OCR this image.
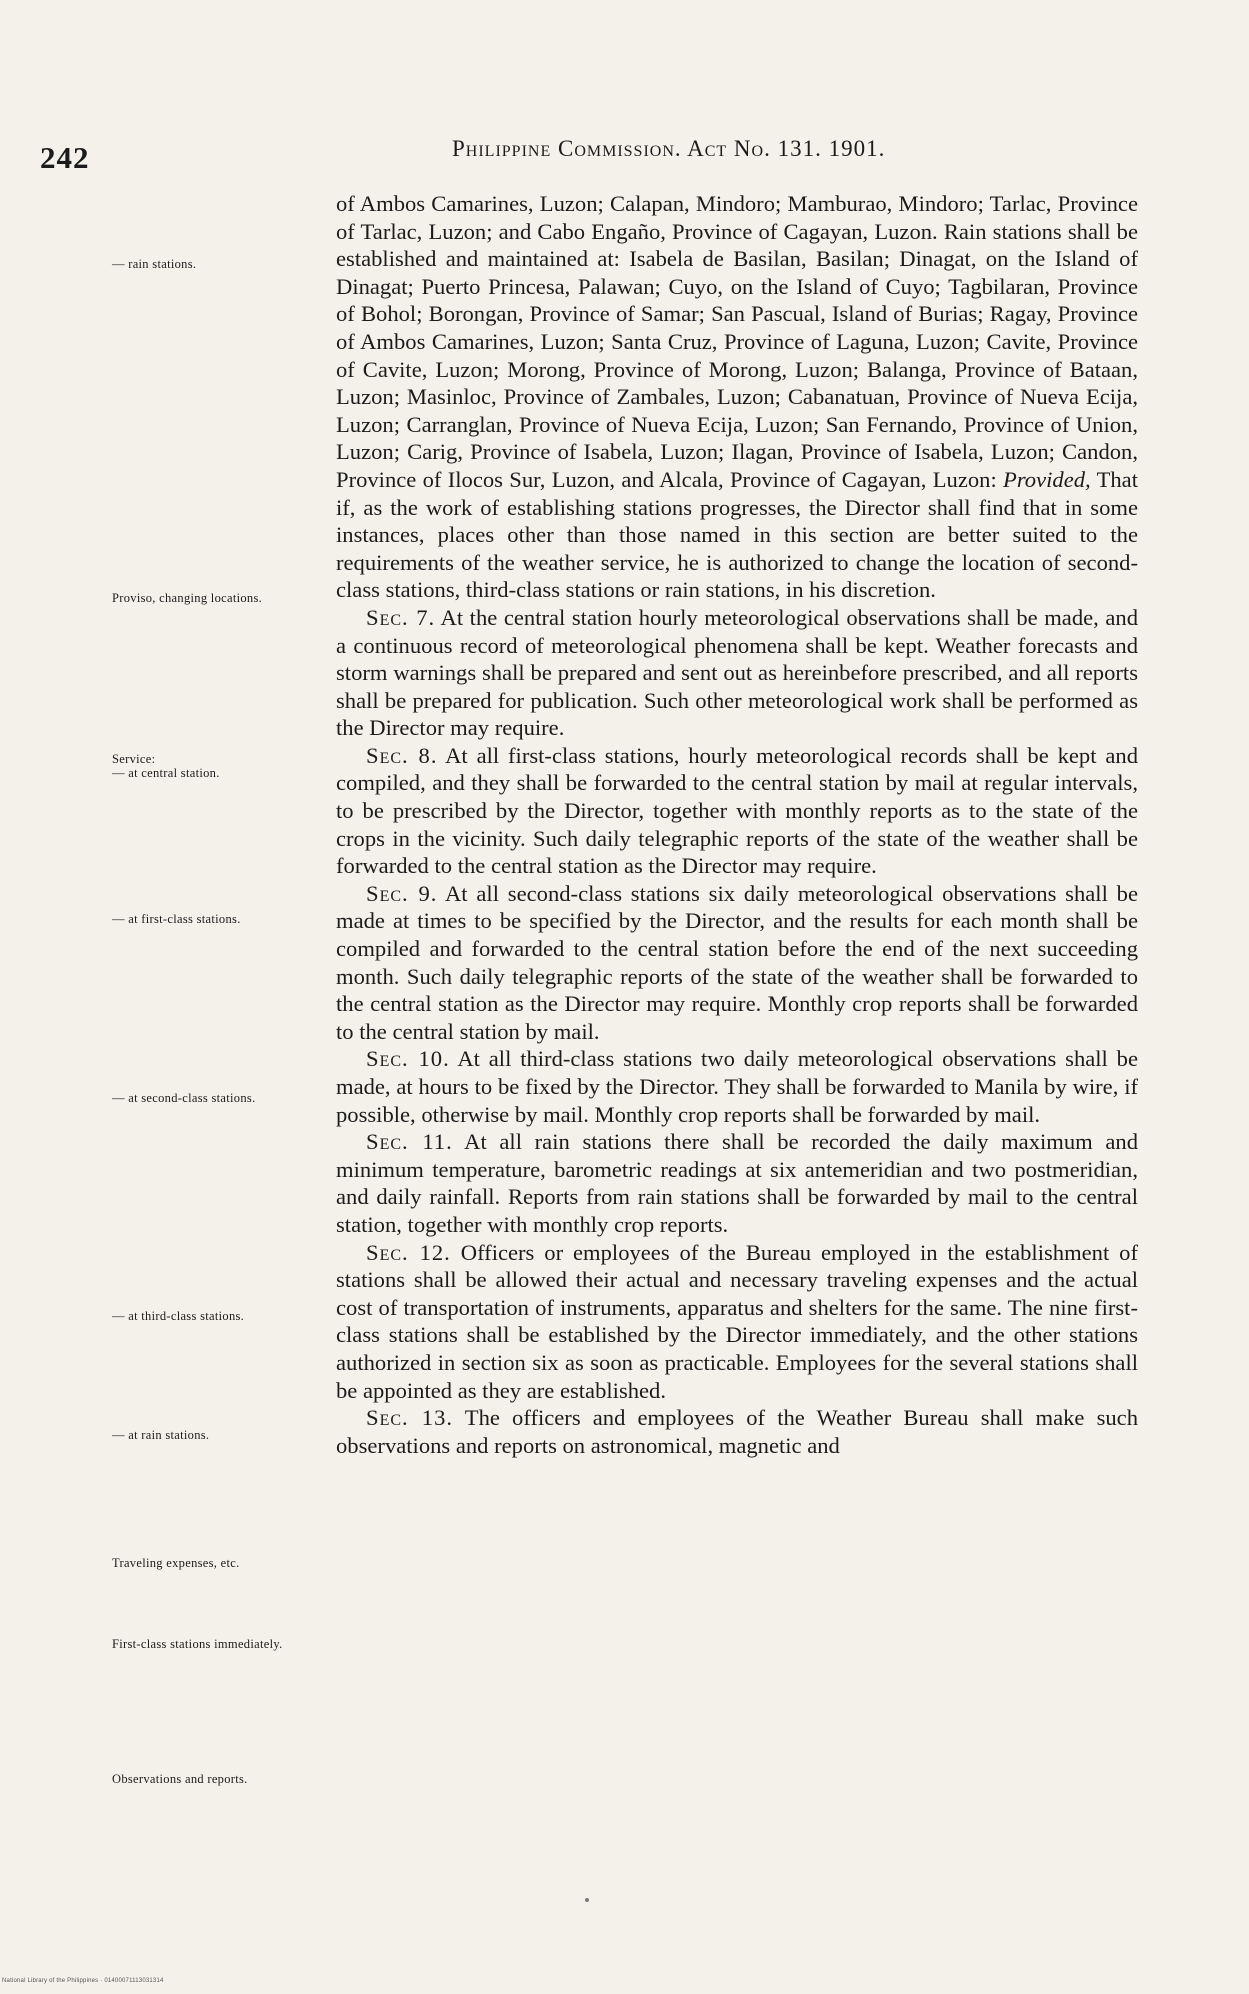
242	Philippine Commission. Act No. 131. 1901.
— rain stations.
Proviso, changing locations.
Service:
— at central station.
— at first-class stations.
— at second-class stations.
— at third-class stations.
— at rain stations.
Traveling expenses, etc.
First-class stations immediately.
Observations and reports.

of Ambos Camarines, Luzon; Calapan, Mindoro; Mamburao, Mindoro; Tarlac, Province of Tarlac, Luzon; and Cabo Engaño, Province of Cagayan, Luzon. Rain stations shall be established and maintained at: Isabela de Basilan, Basilan; Dinagat, on the Island of Dinagat; Puerto Princesa, Palawan; Cuyo, on the Island of Cuyo; Tagbilaran, Province of Bohol; Borongan, Province of Samar; San Pascual, Island of Burias; Ragay, Province of Ambos Camarines, Luzon; Santa Cruz, Province of Laguna, Luzon; Cavite, Province of Cavite, Luzon; Morong, Province of Morong, Luzon; Balanga, Province of Bataan, Luzon; Masinloc, Province of Zambales, Luzon; Cabanatuan, Province of Nueva Ecija, Luzon; Carranglan, Province of Nueva Ecija, Luzon; San Fernando, Province of Union, Luzon; Carig, Province of Isabela, Luzon; Ilagan, Province of Isabela, Luzon; Candon, Province of Ilocos Sur, Luzon, and Alcala, Province of Cagayan, Luzon: Provided, That if, as the work of establishing stations progresses, the Director shall find that in some instances, places other than those named in this section are better suited to the requirements of the weather service, he is authorized to change the location of second-class stations, third-class stations or rain stations, in his discretion.

Sec. 7. At the central station hourly meteorological observations shall be made, and a continuous record of meteorological phenomena shall be kept. Weather forecasts and storm warnings shall be prepared and sent out as hereinbefore prescribed, and all reports shall be prepared for publication. Such other meteorological work shall be performed as the Director may require.

Sec. 8. At all first-class stations, hourly meteorological records shall be kept and compiled, and they shall be forwarded to the central station by mail at regular intervals, to be prescribed by the Director, together with monthly reports as to the state of the crops in the vicinity. Such daily telegraphic reports of the state of the weather shall be forwarded to the central station as the Director may require.

Sec. 9. At all second-class stations six daily meteorological observations shall be made at times to be specified by the Director, and the results for each month shall be compiled and forwarded to the central station before the end of the next succeeding month. Such daily telegraphic reports of the state of the weather shall be forwarded to the central station as the Director may require. Monthly crop reports shall be forwarded to the central station by mail.

Sec. 10. At all third-class stations two daily meteorological observations shall be made, at hours to be fixed by the Director. They shall be forwarded to Manila by wire, if possible, otherwise by mail. Monthly crop reports shall be forwarded by mail.

Sec. 11. At all rain stations there shall be recorded the daily maximum and minimum temperature, barometric readings at six antemeridian and two postmeridian, and daily rainfall. Reports from rain stations shall be forwarded by mail to the central station, together with monthly crop reports.

Sec. 12. Officers or employees of the Bureau employed in the establishment of stations shall be allowed their actual and necessary traveling expenses and the actual cost of transportation of instruments, apparatus and shelters for the same. The nine first-class stations shall be established by the Director immediately, and the other stations authorized in section six as soon as practicable. Employees for the several stations shall be appointed as they are established.

Sec. 13. The officers and employees of the Weather Bureau shall make such observations and reports on astronomical, magnetic and

National Library of the Philippines · 01400071113031314
